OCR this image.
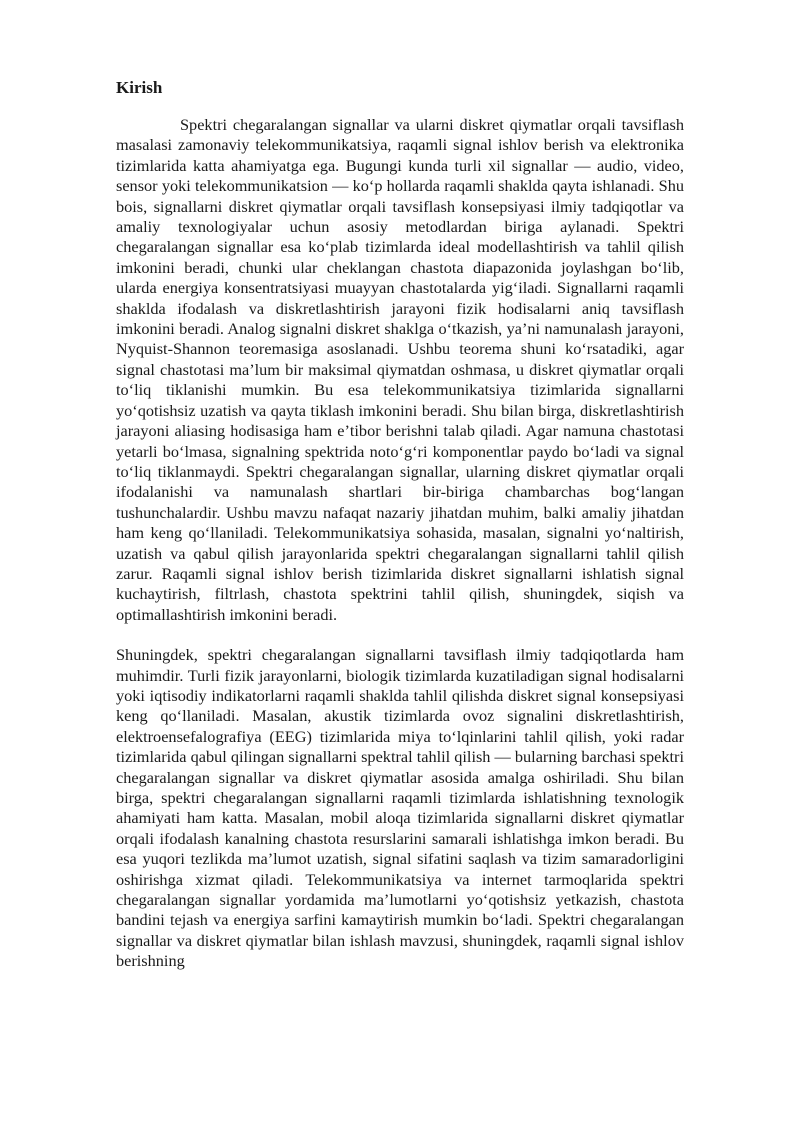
Kirish

Spektri chegaralangan signallar va ularni diskret qiymatlar orqali tavsiflash masalasi zamonaviy telekommunikatsiya, raqamli signal ishlov berish va elektronika tizimlarida katta ahamiyatga ega. Bugungi kunda turli xil signallar — audio, video, sensor yoki telekommunikatsion — koʻp hollarda raqamli shaklda qayta ishlanadi. Shu bois, signallarni diskret qiymatlar orqali tavsiflash konsepsiyasi ilmiy tadqiqotlar va amaliy texnologiyalar uchun asosiy metodlardan biriga aylanadi. Spektri chegaralangan signallar esa koʻplab tizimlarda ideal modellashtirish va tahlil qilish imkonini beradi, chunki ular cheklangan chastota diapazonida joylashgan boʻlib, ularda energiya konsentratsiyasi muayyan chastotalarda yigʻiladi. Signallarni raqamli shaklda ifodalash va diskretlashtirish jarayoni fizik hodisalarni aniq tavsiflash imkonini beradi. Analog signalni diskret shaklga oʻtkazish, yaʼni namunalash jarayoni, Nyquist-Shannon teoremasiga asoslanadi. Ushbu teorema shuni koʻrsatadiki, agar signal chastotasi maʼlum bir maksimal qiymatdan oshmasa, u diskret qiymatlar orqali toʻliq tiklanishi mumkin. Bu esa telekommunikatsiya tizimlarida signallarni yoʻqotishsiz uzatish va qayta tiklash imkonini beradi. Shu bilan birga, diskretlashtirish jarayoni aliasing hodisasiga ham eʼtibor berishni talab qiladi. Agar namuna chastotasi yetarli boʻlmasa, signalning spektrida notoʻgʻri komponentlar paydo boʻladi va signal toʻliq tiklanmaydi. Spektri chegaralangan signallar, ularning diskret qiymatlar orqali ifodalanishi va namunalash shartlari bir-biriga chambarchas bogʻlangan tushunchalardir. Ushbu mavzu nafaqat nazariy jihatdan muhim, balki amaliy jihatdan ham keng qoʻllaniladi. Telekommunikatsiya sohasida, masalan, signalni yoʻnaltirish, uzatish va qabul qilish jarayonlarida spektri chegaralangan signallarni tahlil qilish zarur. Raqamli signal ishlov berish tizimlarida diskret signallarni ishlatish signal kuchaytirish, filtrlash, chastota spektrini tahlil qilish, shuningdek, siqish va optimallashtirish imkonini beradi.

Shuningdek, spektri chegaralangan signallarni tavsiflash ilmiy tadqiqotlarda ham muhimdir. Turli fizik jarayonlarni, biologik tizimlarda kuzatiladigan signal hodisalarni yoki iqtisodiy indikatorlarni raqamli shaklda tahlil qilishda diskret signal konsepsiyasi keng qoʻllaniladi. Masalan, akustik tizimlarda ovoz signalini diskretlashtirish, elektroensefalografiya (EEG) tizimlarida miya toʻlqinlarini tahlil qilish, yoki radar tizimlarida qabul qilingan signallarni spektral tahlil qilish — bularning barchasi spektri chegaralangan signallar va diskret qiymatlar asosida amalga oshiriladi. Shu bilan birga, spektri chegaralangan signallarni raqamli tizimlarda ishlatishning texnologik ahamiyati ham katta. Masalan, mobil aloqa tizimlarida signallarni diskret qiymatlar orqali ifodalash kanalning chastota resurslarini samarali ishlatishga imkon beradi. Bu esa yuqori tezlikda maʼlumot uzatish, signal sifatini saqlash va tizim samaradorligini oshirishga xizmat qiladi. Telekommunikatsiya va internet tarmoqlarida spektri chegaralangan signallar yordamida maʼlumotlarni yoʻqotishsiz yetkazish, chastota bandini tejash va energiya sarfini kamaytirish mumkin boʻladi. Spektri chegaralangan signallar va diskret qiymatlar bilan ishlash mavzusi, shuningdek, raqamli signal ishlov berishning
